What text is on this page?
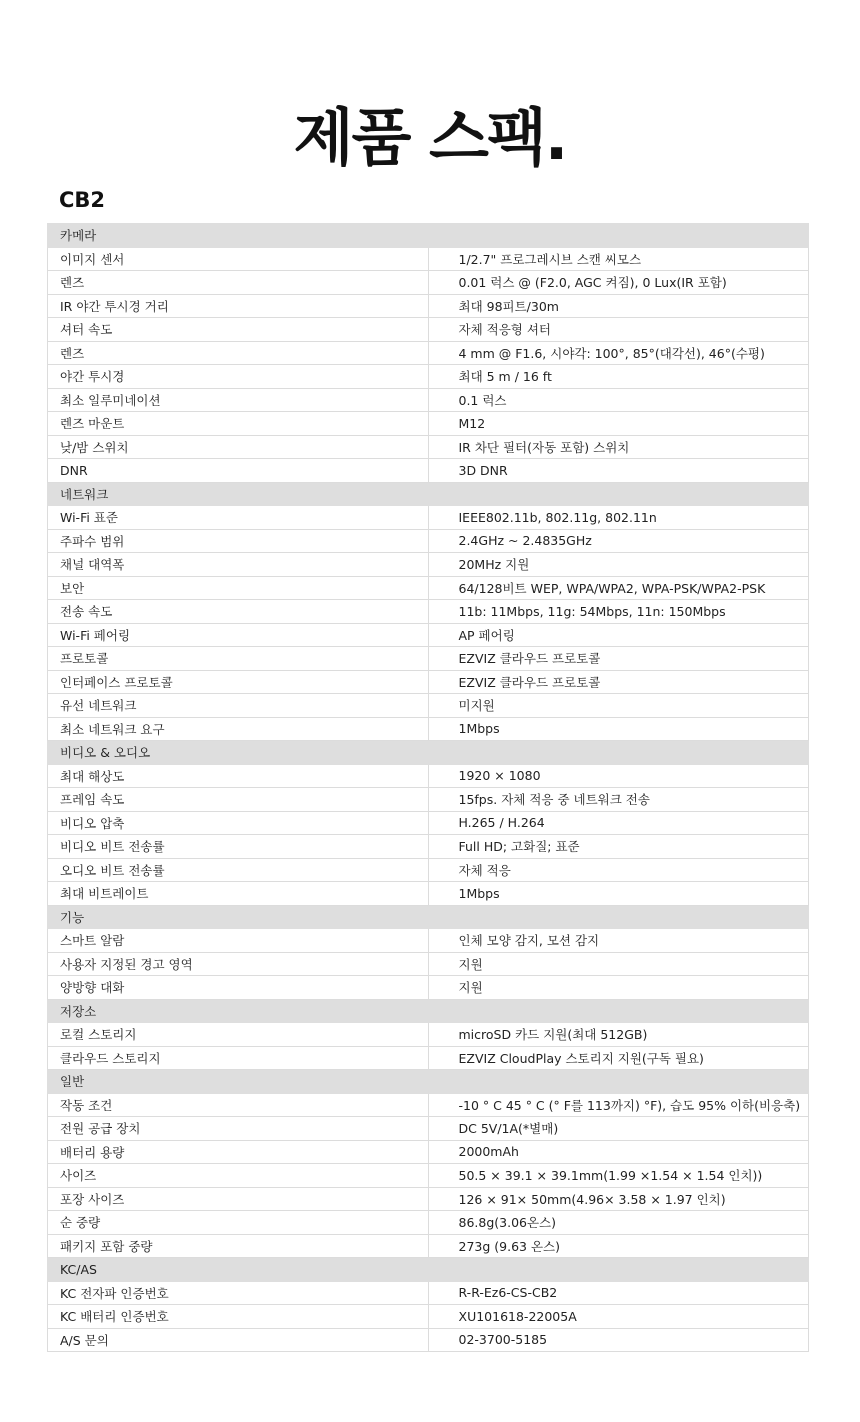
제품 스팩.
CB2
카메라	
이미지 센서	1/2.7" 프로그레시브 스캔 씨모스
렌즈	0.01 럭스 @ (F2.0, AGC 켜짐), 0 Lux(IR 포함)
IR 야간 투시경 거리	최대 98피트/30m
셔터 속도	자체 적응형 셔터
렌즈	4 mm @ F1.6, 시야각: 100°, 85°(대각선), 46°(수평)
야간 투시경	최대 5 m / 16 ft
최소 일루미네이션	0.1 럭스
렌즈 마운트	M12
낮/밤 스위치	IR 차단 필터(자동 포함) 스위치
DNR	3D DNR
네트워크	
Wi-Fi 표준	IEEE802.11b, 802.11g, 802.11n
주파수 범위	2.4GHz ~ 2.4835GHz
채널 대역폭	20MHz 지원
보안	64/128비트 WEP, WPA/WPA2, WPA-PSK/WPA2-PSK
전송 속도	11b: 11Mbps, 11g: 54Mbps, 11n: 150Mbps
Wi-Fi 페어링	AP 페어링
프로토콜	EZVIZ 클라우드 프로토콜
인터페이스 프로토콜	EZVIZ 클라우드 프로토콜
유선 네트워크	미지원
최소 네트워크 요구	1Mbps
비디오 & 오디오	
최대 해상도	1920 × 1080
프레임 속도	15fps. 자체 적응 중 네트워크 전송
비디오 압축	H.265 / H.264
비디오 비트 전송률	Full HD; 고화질; 표준
오디오 비트 전송률	자체 적응
최대 비트레이트	1Mbps
기능	
스마트 알람	인체 모양 감지, 모션 감지
사용자 지정된 경고 영역	지원
양방향 대화	지원
저장소	
로컬 스토리지	microSD 카드 지원(최대 512GB)
클라우드 스토리지	EZVIZ CloudPlay 스토리지 지원(구독 필요)
일반	
작동 조건	-10 ° C 45 ° C (° F를 113까지) °F), 습도 95% 이하(비응축)
전원 공급 장치	DC 5V/1A(*별매)
배터리 용량	2000mAh
사이즈	50.5 × 39.1 × 39.1mm(1.99 ×1.54 × 1.54 인치))
포장 사이즈	126 × 91× 50mm(4.96× 3.58 × 1.97 인치)
순 중량	86.8g(3.06온스)
패키지 포함 중량	273g (9.63 온스)
KC/AS	
KC 전자파 인증번호	R-R-Ez6-CS-CB2
KC 배터리 인증번호	XU101618-22005A
A/S 문의	02-3700-5185
